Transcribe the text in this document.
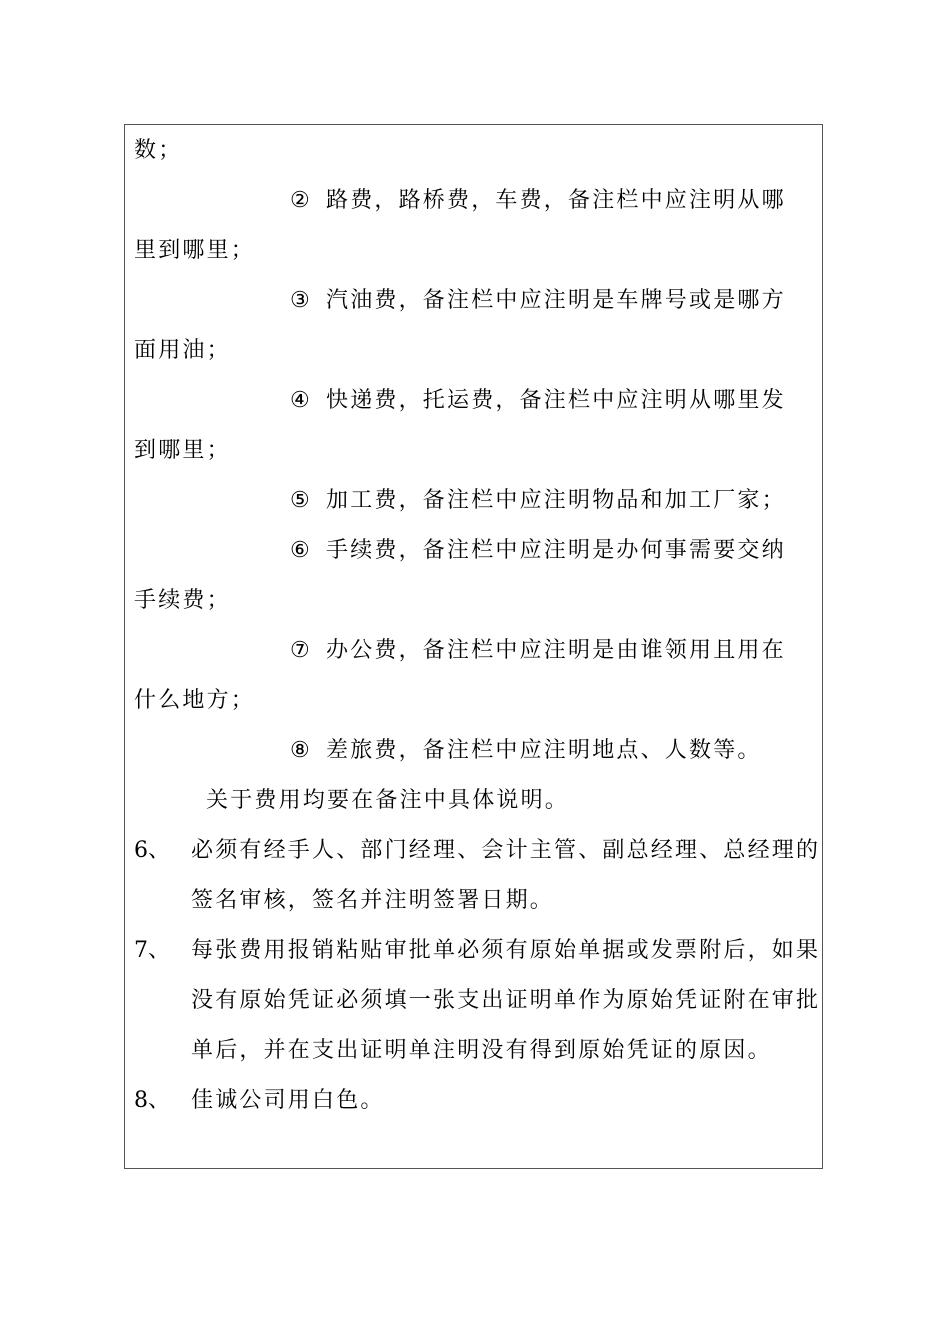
数；
② 路费，路桥费，车费，备注栏中应注明从哪
里到哪里；
③ 汽油费，备注栏中应注明是车牌号或是哪方
面用油；
④ 快递费，托运费，备注栏中应注明从哪里发
到哪里；
⑤ 加工费，备注栏中应注明物品和加工厂家；
⑥ 手续费，备注栏中应注明是办何事需要交纳
手续费；
⑦ 办公费，备注栏中应注明是由谁领用且用在
什么地方；
⑧ 差旅费，备注栏中应注明地点、人数等。
关于费用均要在备注中具体说明。
6、 必须有经手人、部门经理、会计主管、副总经理、总经理的
签名审核，签名并注明签署日期。
7、 每张费用报销粘贴审批单必须有原始单据或发票附后，如果
没有原始凭证必须填一张支出证明单作为原始凭证附在审批
单后，并在支出证明单注明没有得到原始凭证的原因。
8、 佳诚公司用白色。
